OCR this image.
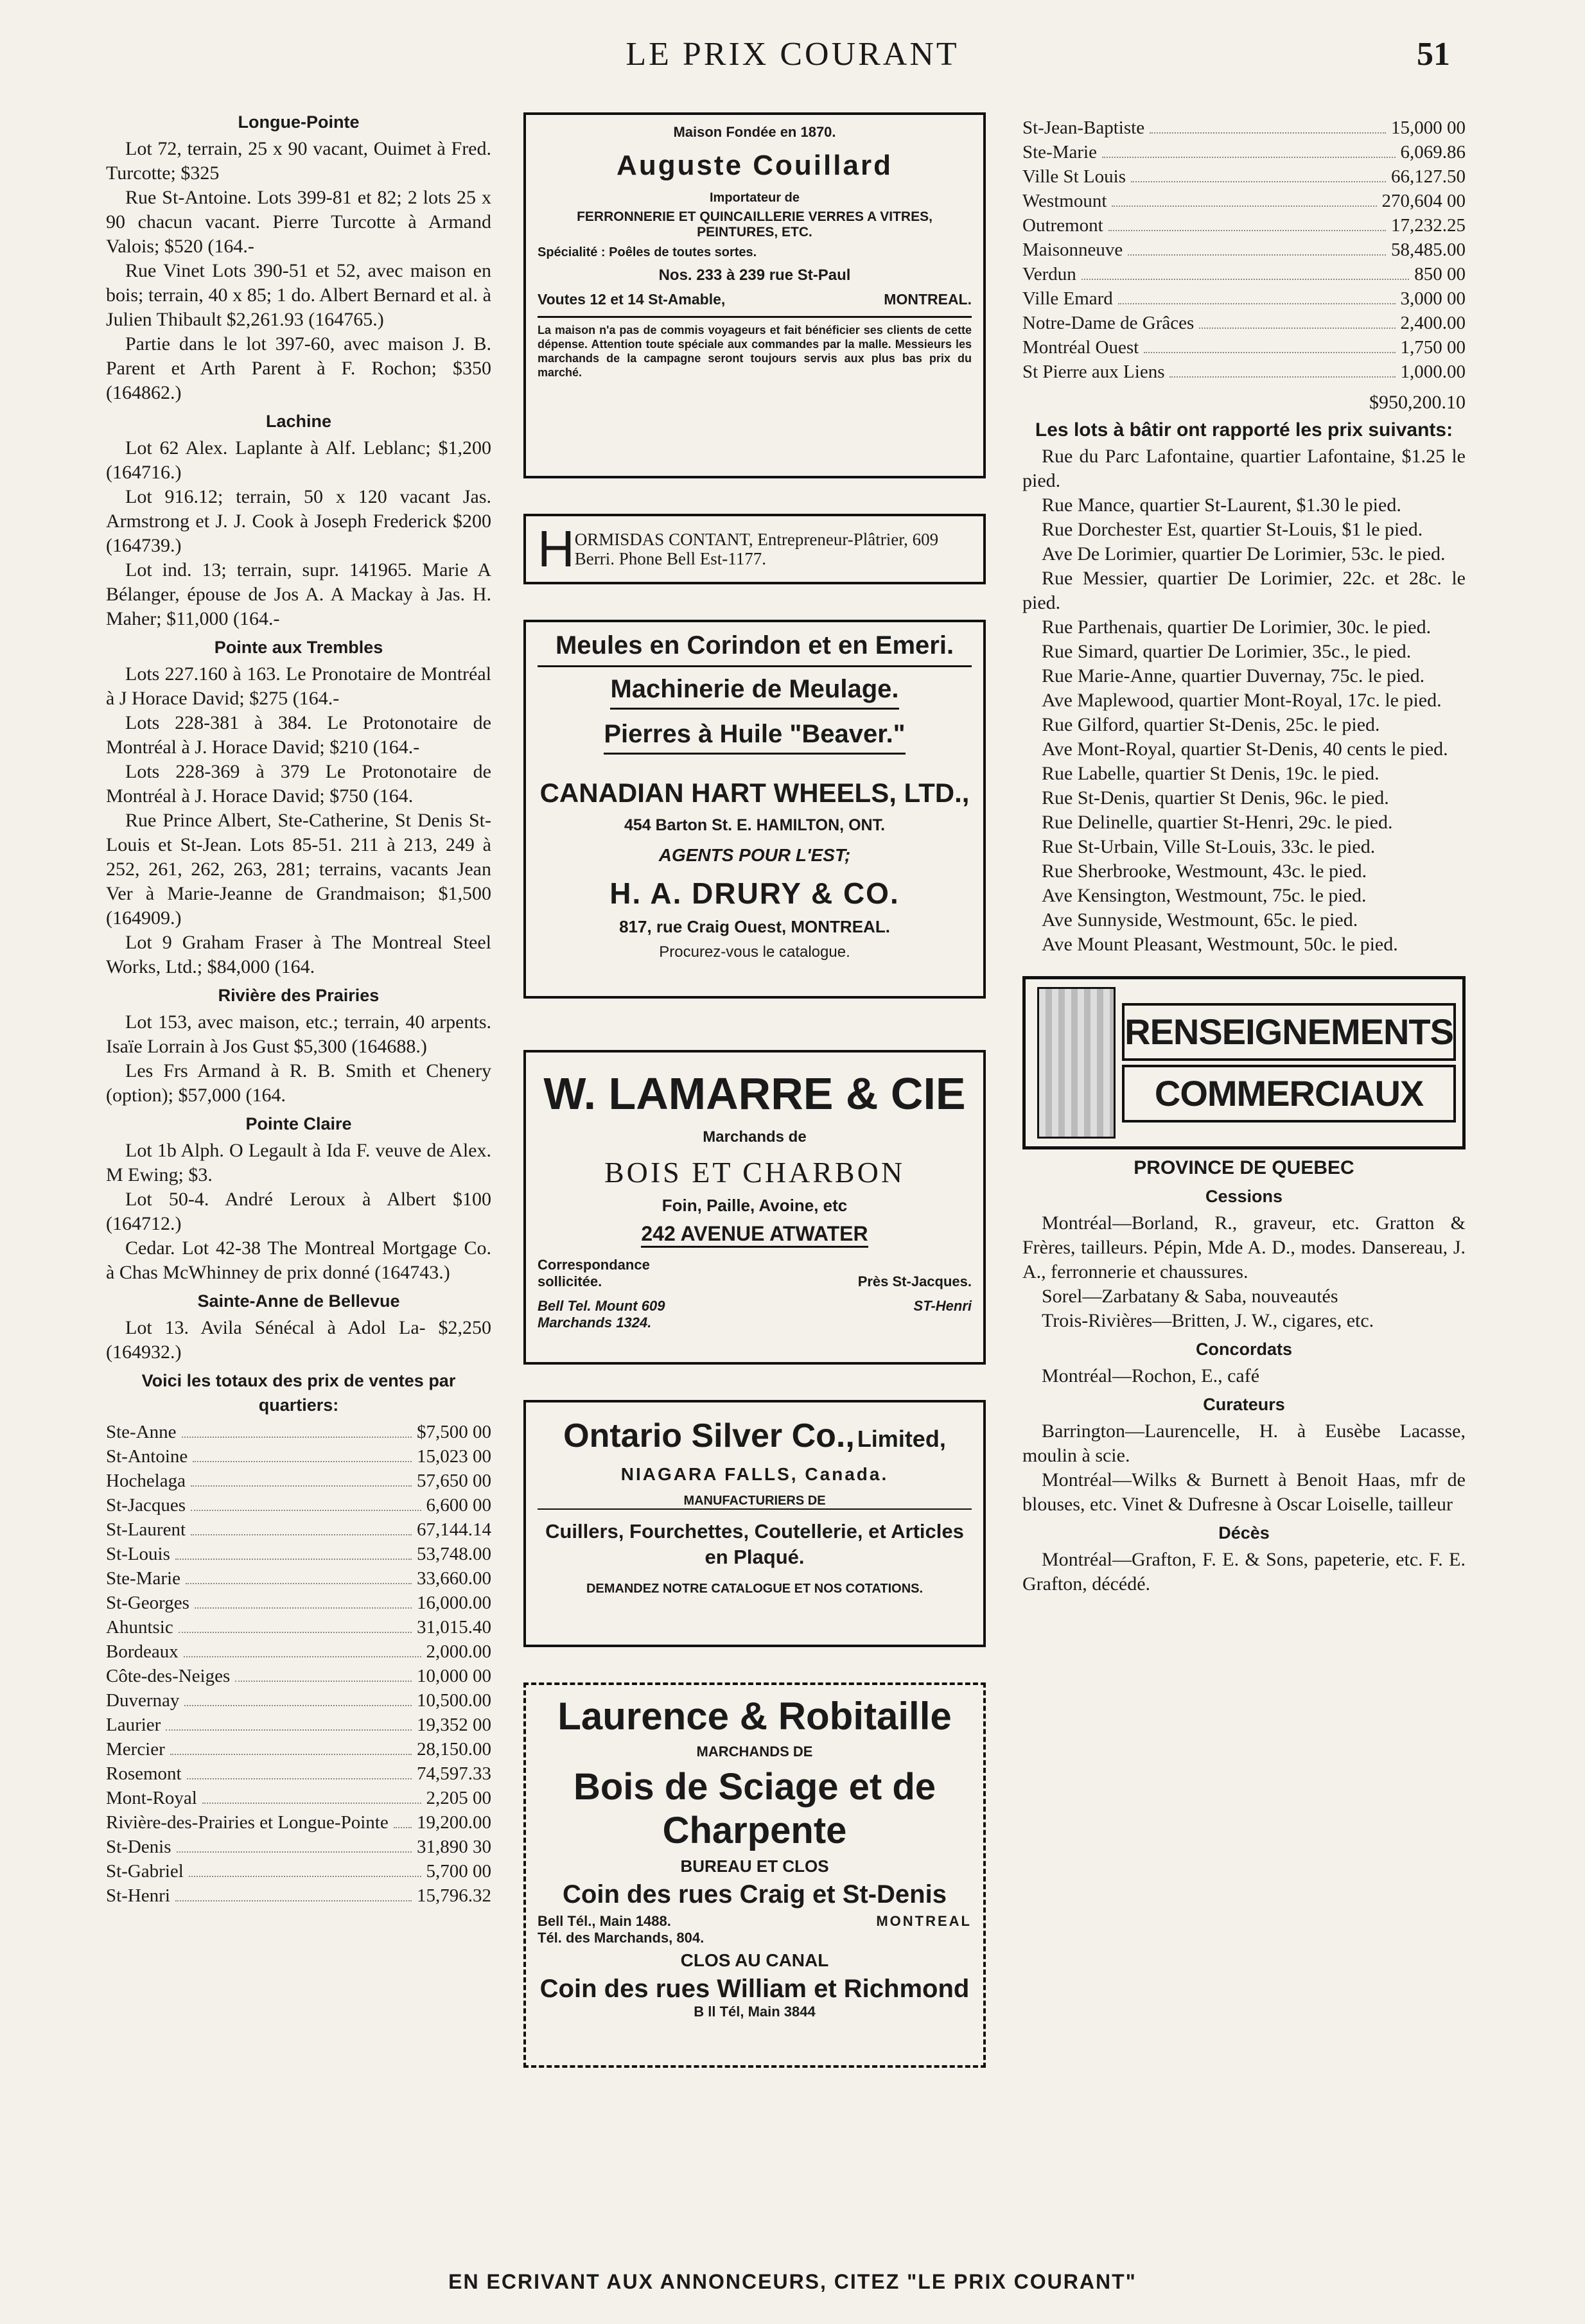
LE PRIX COURANT	51
Longue-Pointe

Lot 72, terrain, 25 x 90 vacant, Ouimet à Fred. Turcotte; $325

Rue St-Antoine. Lots 399-81 et 82; 2 lots 25 x 90 chacun vacant. Pierre Turcotte à Armand Valois; $520 (164.-

Rue Vinet Lots 390-51 et 52, avec maison en bois; terrain, 40 x 85; 1 do. Albert Bernard et al. à Julien Thibault $2,261.93 (164765.)

Partie dans le lot 397-60, avec maison J. B. Parent et Arth Parent à F. Rochon; $350 (164862.)

Lachine

Lot 62 Alex. Laplante à Alf. Leblanc; $1,200 (164716.)

Lot 916.12; terrain, 50 x 120 vacant Jas. Armstrong et J. J. Cook à Joseph Frederick $200 (164739.)

Lot ind. 13; terrain, supr. 141965. Marie A Bélanger, épouse de Jos A. A Mackay à Jas. H. Maher; $11,000 (164.-

Pointe aux Trembles

Lots 227.160 à 163. Le Pronotaire de Montréal à J Horace David; $275 (164.-

Lots 228-381 à 384. Le Protonotaire de Montréal à J. Horace David; $210 (164.-

Lots 228-369 à 379 Le Protonotaire de Montréal à J. Horace David; $750 (164.

Rue Prince Albert, Ste-Catherine, St Denis St-Louis et St-Jean. Lots 85-51. 211 à 213, 249 à 252, 261, 262, 263, 281; terrains, vacants Jean Ver à Marie-Jeanne de Grandmaison; $1,500 (164909.)

Lot 9 Graham Fraser à The Montreal Steel Works, Ltd.; $84,000 (164.

Rivière des Prairies

Lot 153, avec maison, etc.; terrain, 40 arpents. Isaïe Lorrain à Jos Gust $5,300 (164688.)

Les Frs Armand à R. B. Smith et Chenery (option); $57,000 (164.

Pointe Claire

Lot 1b Alph. O Legault à Ida F. veuve de Alex. M Ewing; $3.

Lot 50-4. André Leroux à Albert $100 (164712.)

Cedar. Lot 42-38 The Montreal Mortgage Co. à Chas McWhinney de prix donné (164743.)

Sainte-Anne de Bellevue

Lot 13. Avila Sénécal à Adol La- $2,250 (164932.)

Voici les totaux des prix de ventes par quartiers:
Ste-Anne	$7,500 00
St-Antoine	15,023 00
Hochelaga	57,650 00
St-Jacques	6,600 00
St-Laurent	67,144.14
St-Louis	53,748.00
Ste-Marie	33,660.00
St-Georges	16,000.00
Ahuntsic	31,015.40
Bordeaux	2,000.00
Côte-des-Neiges	10,000 00
Duvernay	10,500.00
Laurier	19,352 00
Mercier	28,150.00
Rosemont	74,597.33
Mont-Royal	2,205 00
Rivière-des-Prairies et Longue-Pointe 19,200.00
St-Denis	31,890 30
St-Gabriel	5,700 00
St-Henri	15,796.32
Maison Fondée en 1870.
Auguste Couillard
Importateur de
FERRONNERIE ET QUINCAILLERIE VERRES A VITRES, PEINTURES, ETC.
Spécialité : Poêles de toutes sortes.
Nos. 233 à 239 rue St-Paul
Voutes 12 et 14 St-Amable,	MONTREAL.
La maison n'a pas de commis voyageurs et fait bénéficier ses clients de cette dépense. Attention toute spéciale aux commandes par la malle. Messieurs les marchands de la campagne seront toujours servis aux plus bas prix du marché.
H ORMISDAS CONTANT, Entrepreneur-Plâtrier, 609 Berri. Phone Bell Est-1177.
Meules en Corindon et en Emeri.
Machinerie de Meulage. Pierres à Huile "Beaver."
CANADIAN HART WHEELS, LTD.,
454 Barton St. E. HAMILTON, ONT.
AGENTS POUR L'EST;
H. A. DRURY & CO.
817, rue Craig Ouest, MONTREAL.
Procurez-vous le catalogue.
W. LAMARRE & CIE
Marchands de
BOIS ET CHARBON
Foin, Paille, Avoine, etc
242 AVENUE ATWATER
Correspondance sollicitée.	Près St-Jacques.
Bell Tel. Mount 609	ST-Henri
Marchands 1324.
Ontario Silver Co., Limited,
NIAGARA FALLS, Canada.
MANUFACTURIERS DE
Cuillers, Fourchettes, Coutellerie, et Articles en Plaqué.
DEMANDEZ NOTRE CATALOGUE ET NOS COTATIONS.
Laurence & Robitaille
MARCHANDS DE
Bois de Sciage et de Charpente
BUREAU ET CLOS
Coin des rues Craig et St-Denis
Bell Tél., Main 1488.	MONTREAL
Tél. des Marchands, 804.
CLOS AU CANAL
Coin des rues William et Richmond
B ll Tél, Main 3844
St-Jean-Baptiste	15,000 00
Ste-Marie	6,069.86
Ville St Louis	66,127.50
Westmount	270,604 00
Outremont	17,232.25
Maisonneuve	58,485.00
Verdun	850 00
Ville Emard	3,000 00
Notre-Dame de Grâces	2,400.00
Montréal Ouest	1,750 00
St Pierre aux Liens	1,000.00
$950,200.10
Les lots à bâtir ont rapporté les prix suivants:

Rue du Parc Lafontaine, quartier Lafontaine, $1.25 le pied.

Rue Mance, quartier St-Laurent, $1.30 le pied.

Rue Dorchester Est, quartier St-Louis, $1 le pied.

Ave De Lorimier, quartier De Lorimier, 53c. le pied.

Rue Messier, quartier De Lorimier, 22c. et 28c. le pied.

Rue Parthenais, quartier De Lorimier, 30c. le pied.

Rue Simard, quartier De Lorimier, 35c., le pied.

Rue Marie-Anne, quartier Duvernay, 75c. le pied.

Ave Maplewood, quartier Mont-Royal, 17c. le pied.

Rue Gilford, quartier St-Denis, 25c. le pied.

Ave Mont-Royal, quartier St-Denis, 40 cents le pied.

Rue Labelle, quartier St Denis, 19c. le pied.

Rue St-Denis, quartier St Denis, 96c. le pied.

Rue Delinelle, quartier St-Henri, 29c. le pied.

Rue St-Urbain, Ville St-Louis, 33c. le pied.

Rue Sherbrooke, Westmount, 43c. le pied.

Ave Kensington, Westmount, 75c. le pied.

Ave Sunnyside, Westmount, 65c. le pied.

Ave Mount Pleasant, Westmount, 50c. le pied.

RENSEIGNEMENTS
COMMERCIAUX
PROVINCE DE QUEBEC
Cessions

Montréal—Borland, R., graveur, etc. Gratton & Frères, tailleurs. Pépin, Mde A. D., modes. Dansereau, J. A., ferronnerie et chaussures.

Sorel—Zarbatany & Saba, nouveautés

Trois-Rivières—Britten, J. W., cigares, etc.

Concordats

Montréal—Rochon, E., café

Curateurs

Barrington—Laurencelle, H. à Eusèbe Lacasse, moulin à scie.

Montréal—Wilks & Burnett à Benoit Haas, mfr de blouses, etc. Vinet & Dufresne à Oscar Loiselle, tailleur

Décès

Montréal—Grafton, F. E. & Sons, papeterie, etc. F. E. Grafton, décédé.

EN ECRIVANT AUX ANNONCEURS, CITEZ "LE PRIX COURANT"
